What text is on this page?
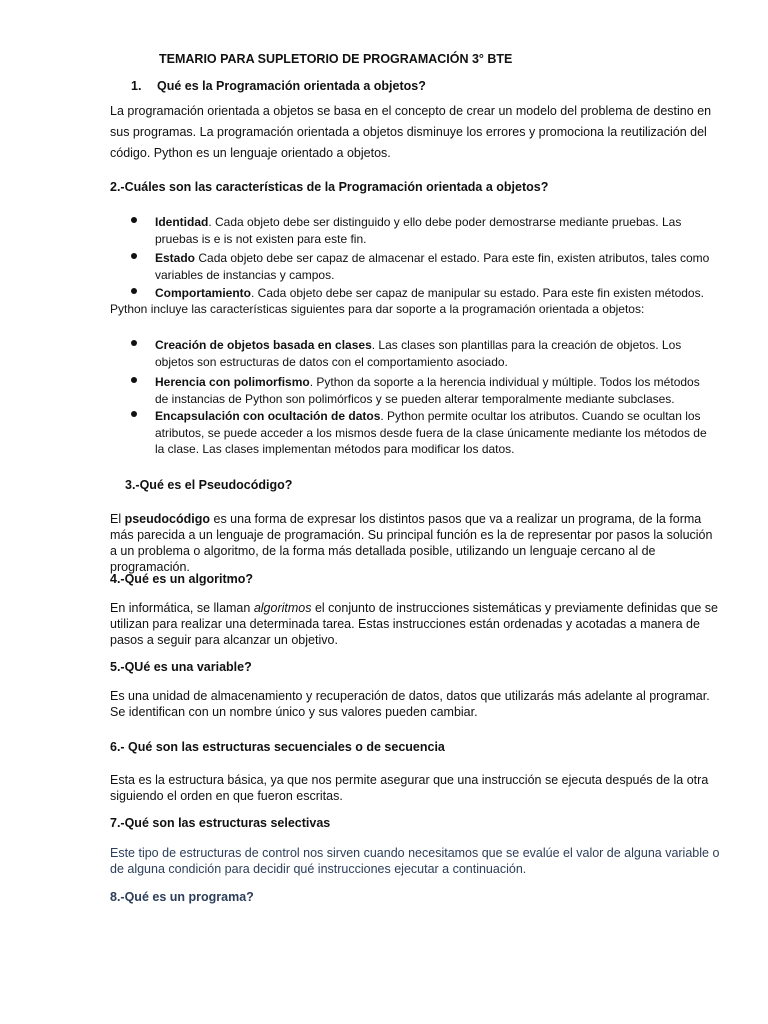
TEMARIO PARA SUPLETORIO DE PROGRAMACIÓN 3° BTE
1. Qué es la Programación orientada a objetos?
La programación orientada a objetos se basa en el concepto de crear un modelo del problema de destino en sus programas. La programación orientada a objetos disminuye los errores y promociona la reutilización del código. Python es un lenguaje orientado a objetos.
2.-Cuáles son las características de la Programación orientada a objetos?
Identidad. Cada objeto debe ser distinguido y ello debe poder demostrarse mediante pruebas. Las pruebas is e is not existen para este fin.
Estado Cada objeto debe ser capaz de almacenar el estado. Para este fin, existen atributos, tales como variables de instancias y campos.
Comportamiento. Cada objeto debe ser capaz de manipular su estado. Para este fin existen métodos.
Python incluye las características siguientes para dar soporte a la programación orientada a objetos:
Creación de objetos basada en clases. Las clases son plantillas para la creación de objetos. Los objetos son estructuras de datos con el comportamiento asociado.
Herencia con polimorfismo. Python da soporte a la herencia individual y múltiple. Todos los métodos de instancias de Python son polimórficos y se pueden alterar temporalmente mediante subclases.
Encapsulación con ocultación de datos. Python permite ocultar los atributos. Cuando se ocultan los atributos, se puede acceder a los mismos desde fuera de la clase únicamente mediante los métodos de la clase. Las clases implementan métodos para modificar los datos.
3.-Qué es el Pseudocódigo?
El pseudocódigo es una forma de expresar los distintos pasos que va a realizar un programa, de la forma más parecida a un lenguaje de programación. Su principal función es la de representar por pasos la solución a un problema o algoritmo, de la forma más detallada posible, utilizando un lenguaje cercano al de programación.
4.-Qué es un algoritmo?
En informática, se llaman algoritmos el conjunto de instrucciones sistemáticas y previamente definidas que se utilizan para realizar una determinada tarea. Estas instrucciones están ordenadas y acotadas a manera de pasos a seguir para alcanzar un objetivo.
5.-QUé es una variable?
Es una unidad de almacenamiento y recuperación de datos, datos que utilizarás más adelante al programar. Se identifican con un nombre único y sus valores pueden cambiar.
6.- Qué son las estructuras secuenciales o de secuencia
Esta es la estructura básica, ya que nos permite asegurar que una instrucción se ejecuta después de la otra siguiendo el orden en que fueron escritas.
7.-Qué son las estructuras selectivas
Este tipo de estructuras de control nos sirven cuando necesitamos que se evalúe el valor de alguna variable o de alguna condición para decidir qué instrucciones ejecutar a continuación.
8.-Qué es un programa?
